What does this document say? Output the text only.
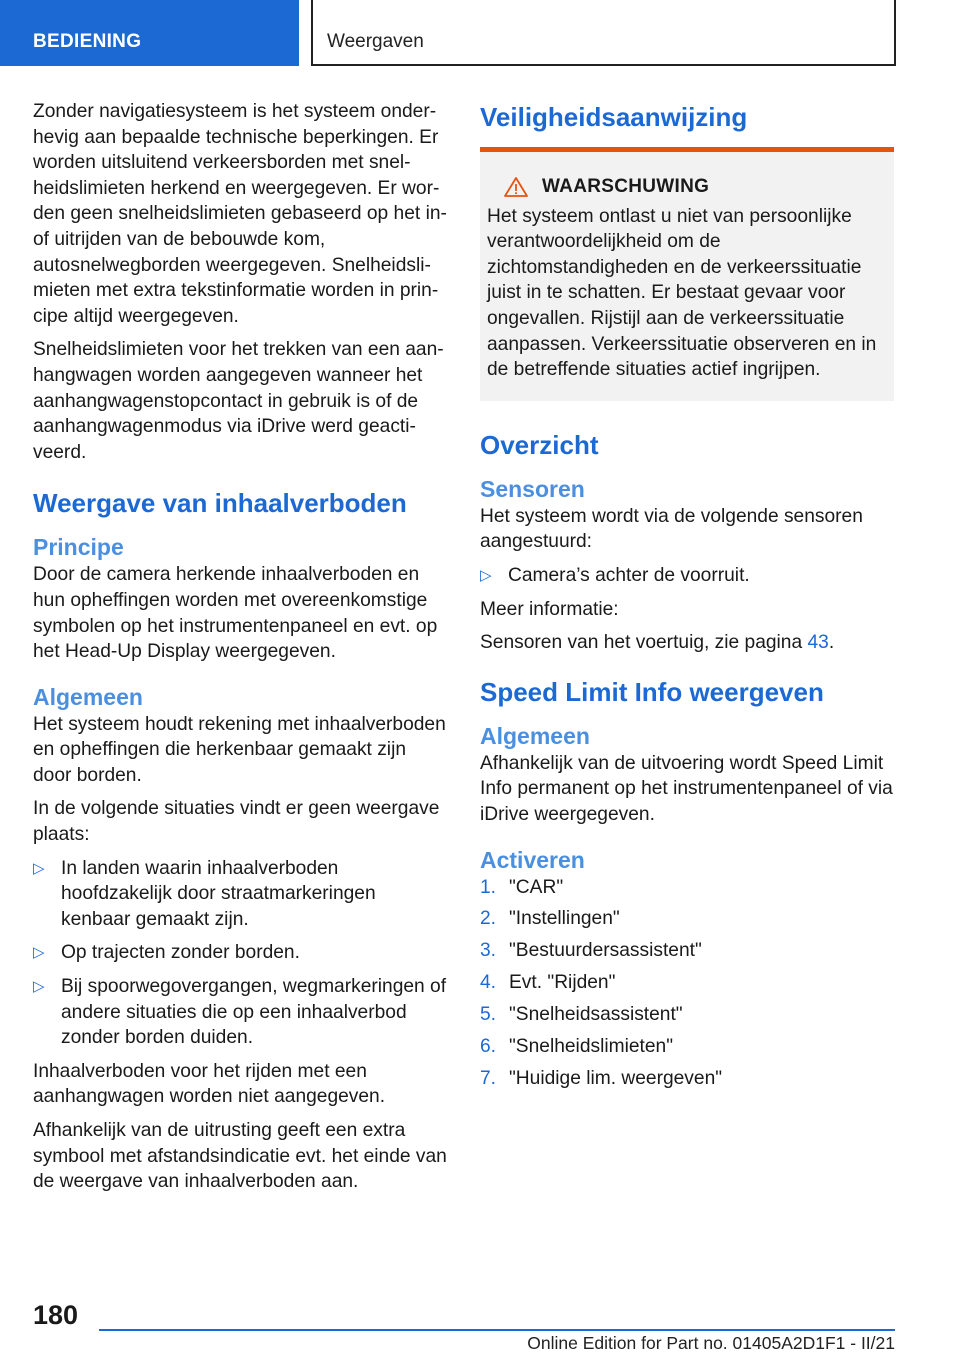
BEDIENING	Weergaven

Zonder navigatiesysteem is het systeem onderhevig aan bepaalde technische beperkingen. Er worden uitsluitend verkeersborden met snelheidslimieten herkend en weergegeven. Er worden geen snelheidslimieten gebaseerd op het in- of uitrijden van de bebouwde kom, autosnelwegborden weergegeven. Snelheidslimieten met extra tekstinformatie worden in principe altijd weergegeven.

Snelheidslimieten voor het trekken van een aanhangwagen worden aangegeven wanneer het aanhangwagenstopcontact in gebruik is of de aanhangwagenmodus via iDrive werd geactiveerd.

Weergave van inhaalverboden
Principe

Door de camera herkende inhaalverboden en hun opheffingen worden met overeenkomstige symbolen op het instrumentenpaneel en evt. op het Head-Up Display weergegeven.

Algemeen

Het systeem houdt rekening met inhaalverboden en opheffingen die herkenbaar gemaakt zijn door borden.

In de volgende situaties vindt er geen weergave plaats:

▷ In landen waarin inhaalverboden hoofdzakelijk door straatmarkeringen kenbaar gemaakt zijn.
▷ Op trajecten zonder borden.
▷ Bij spoorwegovergangen, wegmarkeringen of andere situaties die op een inhaalverbod zonder borden duiden.

Inhaalverboden voor het rijden met een aanhangwagen worden niet aangegeven.

Afhankelijk van de uitrusting geeft een extra symbool met afstandsindicatie evt. het einde van de weergave van inhaalverboden aan.

Veiligheidsaanwijzing
WAARSCHUWING
Het systeem ontlast u niet van persoonlijke verantwoordelijkheid om de zichtomstandigheden en de verkeerssituatie juist in te schatten. Er bestaat gevaar voor ongevallen. Rijstijl aan de verkeerssituatie aanpassen. Verkeerssituatie observeren en in de betreffende situaties actief ingrijpen.
Overzicht
Sensoren

Het systeem wordt via de volgende sensoren aangestuurd:

▷ Camera’s achter de voorruit.

Meer informatie:

Sensoren van het voertuig, zie pagina 43.

Speed Limit Info weergeven
Algemeen

Afhankelijk van de uitvoering wordt Speed Limit Info permanent op het instrumentenpaneel of via iDrive weergegeven.

Activeren
1. "CAR"
2. "Instellingen"
3. "Bestuurdersassistent"
4. Evt. "Rijden"
5. "Snelheidsassistent"
6. "Snelheidslimieten"
7. "Huidige lim. weergeven"
180
Online Edition for Part no. 01405A2D1F1 - II/21
